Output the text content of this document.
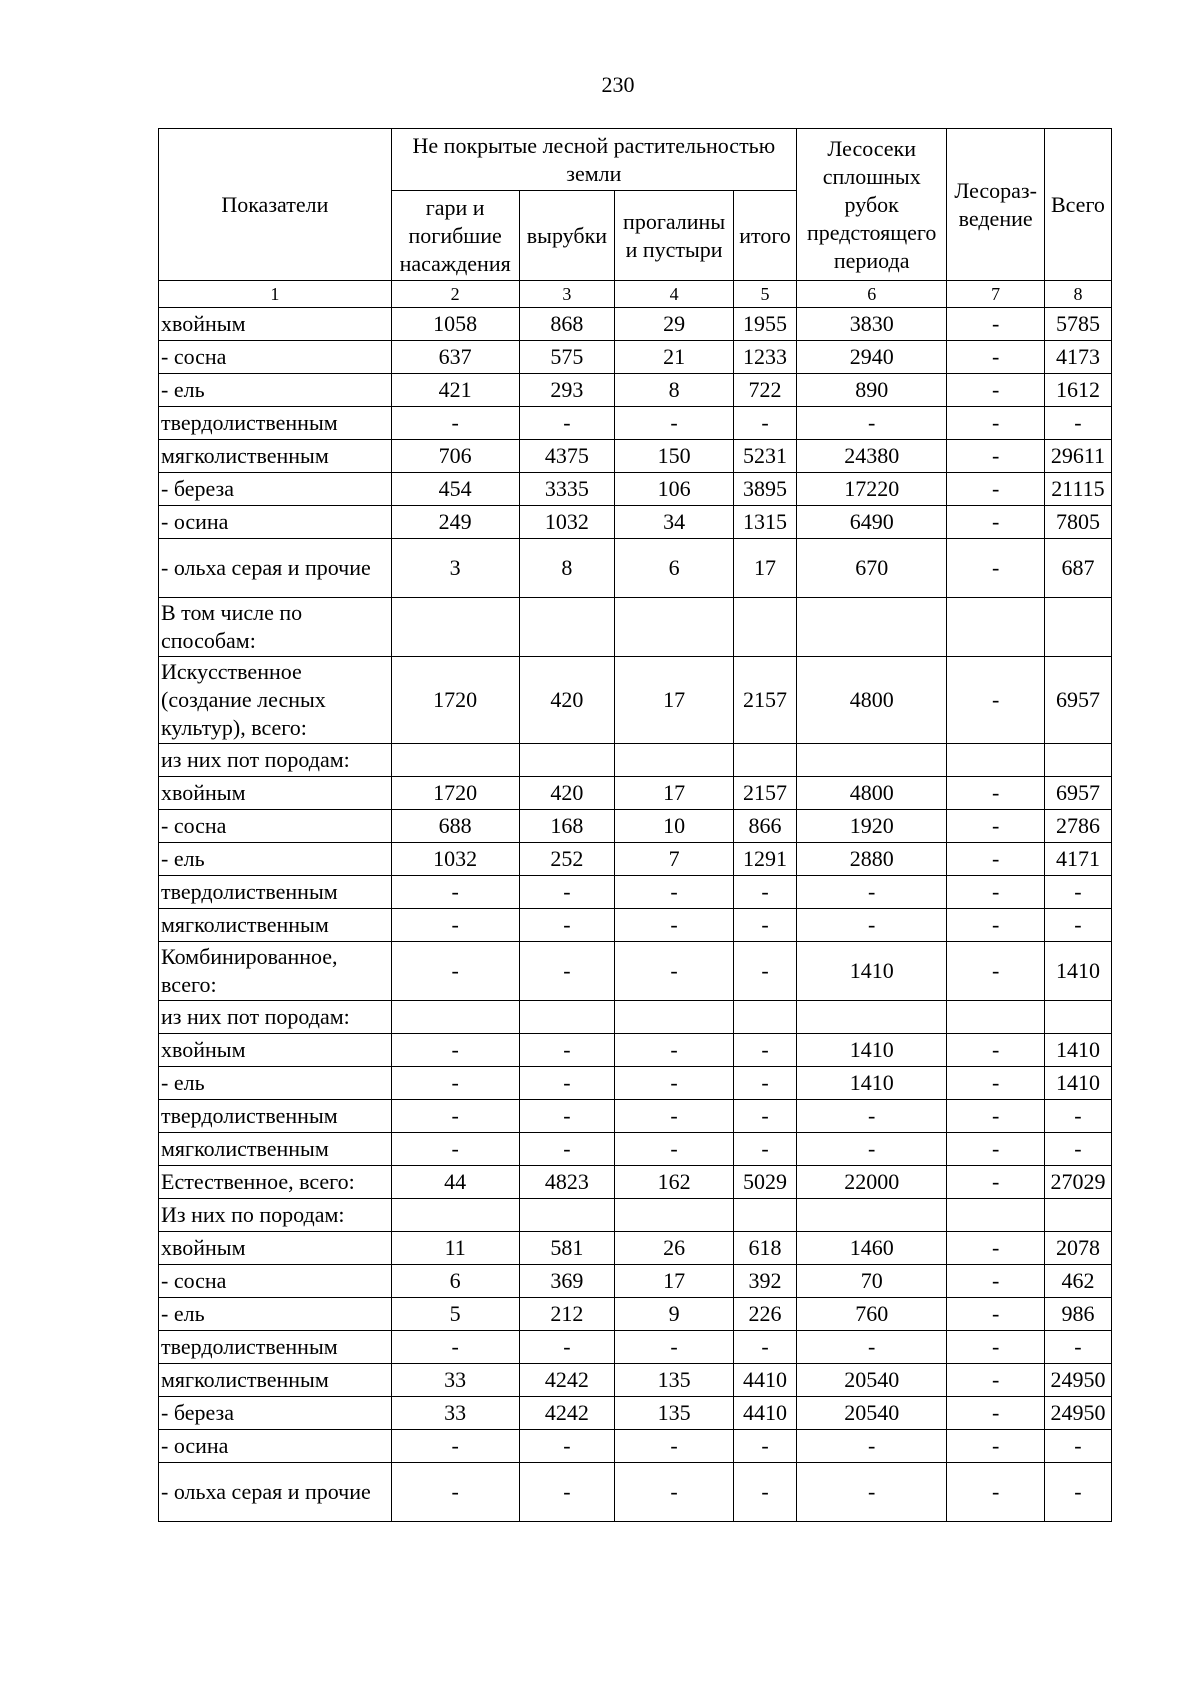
230
Показатели	Не покрытые лесной растительностью земли				Лесосеки сплошных рубок предстоящего периода	Лесораз-ведение	Всего
	гари и погибшие насаждения	вырубки	прогалины и пустыри	итого			
1	2	3	4	5	6	7	8
хвойным	1058	868	29	1955	3830	-	5785
- сосна	637	575	21	1233	2940	-	4173
- ель	421	293	8	722	890	-	1612
твердолиственным	-	-	-	-	-	-	-
мягколиственным	706	4375	150	5231	24380	-	29611
- береза	454	3335	106	3895	17220	-	21115
- осина	249	1032	34	1315	6490	-	7805
- ольха серая и прочие	3	8	6	17	670	-	687
В том числе по способам:							
Искусственное (создание лесных культур), всего:	1720	420	17	2157	4800	-	6957
из них пот породам:							
хвойным	1720	420	17	2157	4800	-	6957
- сосна	688	168	10	866	1920	-	2786
- ель	1032	252	7	1291	2880	-	4171
твердолиственным	-	-	-	-	-	-	-
мягколиственным	-	-	-	-	-	-	-
Комбинированное, всего:	-	-	-	-	1410	-	1410
из них пот породам:							
хвойным	-	-	-	-	1410	-	1410
- ель	-	-	-	-	1410	-	1410
твердолиственным	-	-	-	-	-	-	-
мягколиственным	-	-	-	-	-	-	-
Естественное, всего:	44	4823	162	5029	22000	-	27029
Из них по породам:							
хвойным	11	581	26	618	1460	-	2078
- сосна	6	369	17	392	70	-	462
- ель	5	212	9	226	760	-	986
твердолиственным	-	-	-	-	-	-	-
мягколиственным	33	4242	135	4410	20540	-	24950
- береза	33	4242	135	4410	20540	-	24950
- осина	-	-	-	-	-	-	-
- ольха серая и прочие	-	-	-	-	-	-	-
